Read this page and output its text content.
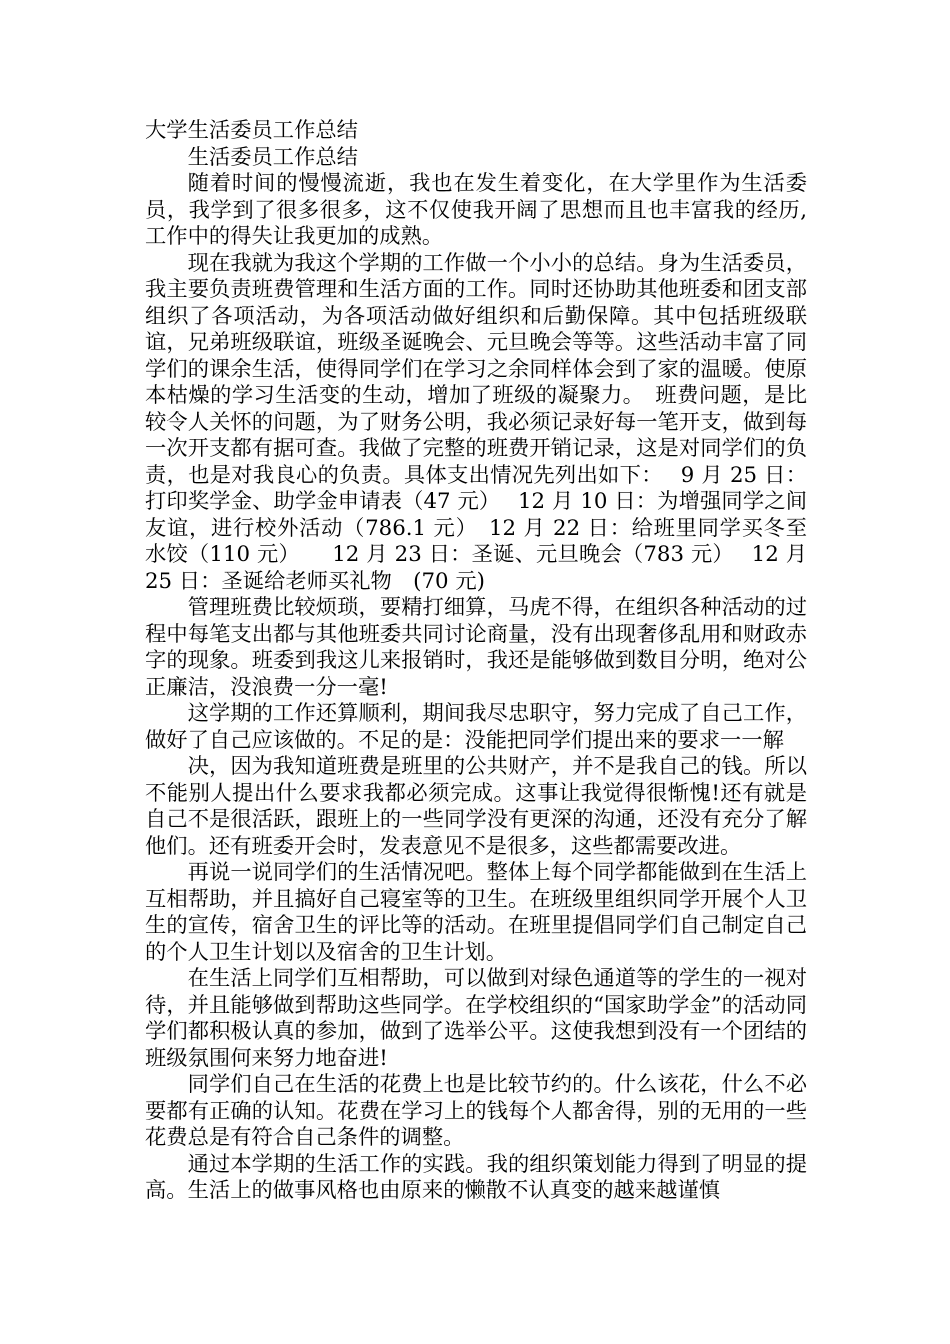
大学生活委员工作总结
生活委员工作总结

随着时间的慢慢流逝，我也在发生着变化，在大学里作为生活委员，我学到了很多很多，这不仅使我开阔了思想而且也丰富我的经历, 工作中的得失让我更加的成熟。

现在我就为我这个学期的工作做一个小小的总结。身为生活委员，我主要负责班费管理和生活方面的工作。同时还协助其他班委和团支部组织了各项活动，为各项活动做好组织和后勤保障。其中包括班级联谊，兄弟班级联谊，班级圣诞晚会、元旦晚会等等。这些活动丰富了同学们的课余生活，使得同学们在学习之余同样体会到了家的温暖。使原本枯燥的学习生活变的生动，增加了班级的凝聚力。　班费问题，是比较令人关怀的问题，为了财务公明，我必须记录好每一笔开支，做到每一次开支都有据可查。我做了完整的班费开销记录，这是对同学们的负责，也是对我良心的负责。具体支出情况先列出如下：　 9 月 25 日：打印奖学金、助学金申请表（47 元）　 12 月 10 日：为增强同学之间友谊，进行校外活动（786.1 元）　12 月 22 日：给班里同学买冬至水饺（110 元）　　12 月 23 日：圣诞、元旦晚会（783 元）　 12 月 25 日：圣诞给老师买礼物　(70 元)

管理班费比较烦琐，要精打细算，马虎不得，在组织各种活动的过程中每笔支出都与其他班委共同讨论商量，没有出现奢侈乱用和财政赤字的现象。班委到我这儿来报销时，我还是能够做到数目分明，绝对公正廉洁，没浪费一分一毫!

这学期的工作还算顺利，期间我尽忠职守，努力完成了自己工作，做好了自己应该做的。不足的是：没能把同学们提出来的要求一一解

决，因为我知道班费是班里的公共财产，并不是我自己的钱。所以不能别人提出什么要求我都必须完成。这事让我觉得很惭愧!还有就是自己不是很活跃，跟班上的一些同学没有更深的沟通，还没有充分了解他们。还有班委开会时，发表意见不是很多，这些都需要改进。

再说一说同学们的生活情况吧。整体上每个同学都能做到在生活上互相帮助，并且搞好自己寝室等的卫生。在班级里组织同学开展个人卫生的宣传，宿舍卫生的评比等的活动。在班里提倡同学们自己制定自己的个人卫生计划以及宿舍的卫生计划。

在生活上同学们互相帮助，可以做到对绿色通道等的学生的一视对待，并且能够做到帮助这些同学。在学校组织的“国家助学金”的活动同学们都积极认真的参加，做到了选举公平。这使我想到没有一个团结的班级氛围何来努力地奋进!

同学们自己在生活的花费上也是比较节约的。什么该花，什么不必要都有正确的认知。花费在学习上的钱每个人都舍得，别的无用的一些花费总是有符合自己条件的调整。

通过本学期的生活工作的实践。我的组织策划能力得到了明显的提高。生活上的做事风格也由原来的懒散不认真变的越来越谨慎
